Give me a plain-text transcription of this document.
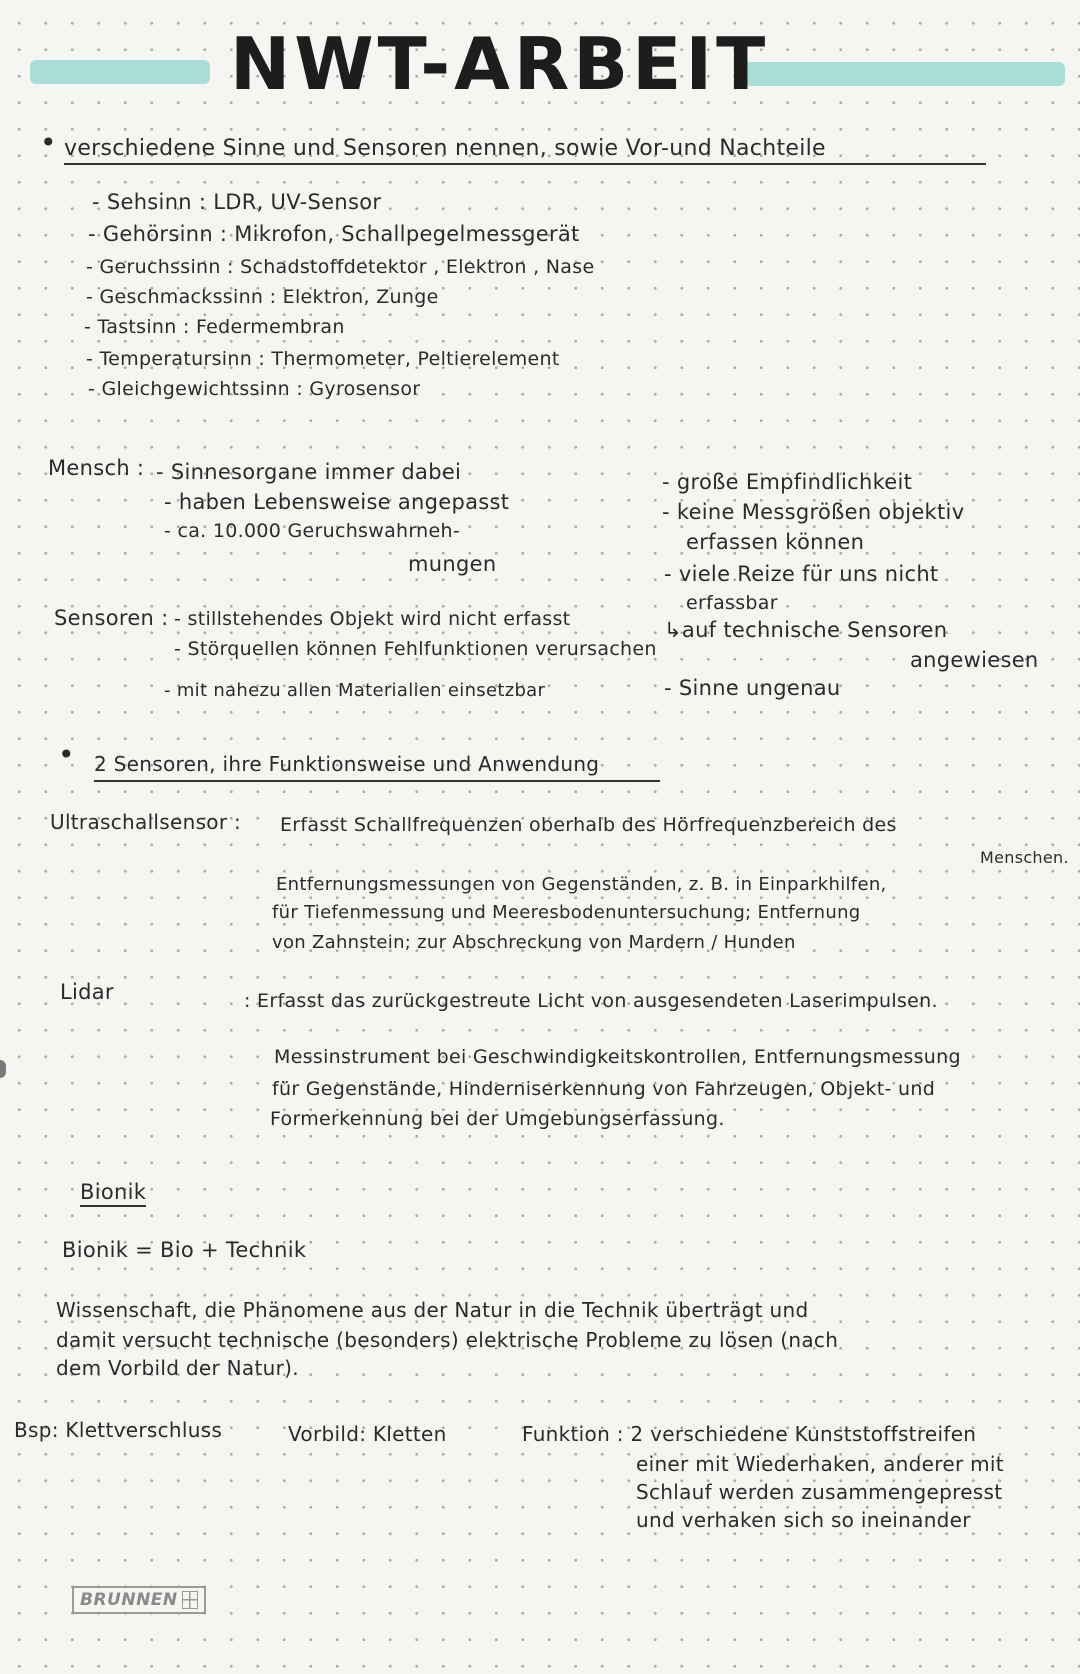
NWT-ARBEIT
• verschiedene Sinne und Sensoren nennen, sowie Vor-und Nachteile
- Sehsinn : LDR, UV-Sensor
- Gehörsinn : Mikrofon, Schallpegelmessgerät
- Geruchssinn : Schadstoffdetektor , Elektron , Nase
- Geschmackssinn : Elektron, Zunge
- Tastsinn : Federmembran
- Temperatursinn : Thermometer, Peltierelement
- Gleichgewichtssinn : Gyrosensor
Mensch : - Sinnesorgane immer dabei
- haben Lebensweise angepasst
- ca. 10.000 Geruchswahrneh-
mungen
- große Empfindlichkeit
- keine Messgrößen objektiv
erfassen können
- viele Reize für uns nicht
erfassbar
↳auf technische Sensoren
angewiesen
- Sinne ungenau
Sensoren : - stillstehendes Objekt wird nicht erfasst
- Störquellen können Fehlfunktionen verursachen
- mit nahezu allen Materialien einsetzbar
• 2 Sensoren, ihre Funktionsweise und Anwendung
Ultraschallsensor : Erfasst Schallfrequenzen oberhalb des Hörfrequenzbereich des
Menschen.
Entfernungsmessungen von Gegenständen, z. B. in Einparkhilfen,
für Tiefenmessung und Meeresbodenuntersuchung; Entfernung
von Zahnstein; zur Abschreckung von Mardern / Hunden
Lidar	: Erfasst das zurückgestreute Licht von ausgesendeten Laserimpulsen.
Messinstrument bei Geschwindigkeitskontrollen, Entfernungsmessung
für Gegenstände, Hinderniserkennung von Fahrzeugen, Objekt- und
Formerkennung bei der Umgebungserfassung.
Bionik
Bionik = Bio + Technik
Wissenschaft, die Phänomene aus der Natur in die Technik überträgt und
damit versucht technische (besonders) elektrische Probleme zu lösen (nach
dem Vorbild der Natur).
Bsp: Klettverschluss	Vorbild: Kletten	Funktion : 2 verschiedene Kunststoffstreifen
einer mit Wiederhaken, anderer mit
Schlauf werden zusammengepresst
und verhaken sich so ineinander
BRUNNEN
